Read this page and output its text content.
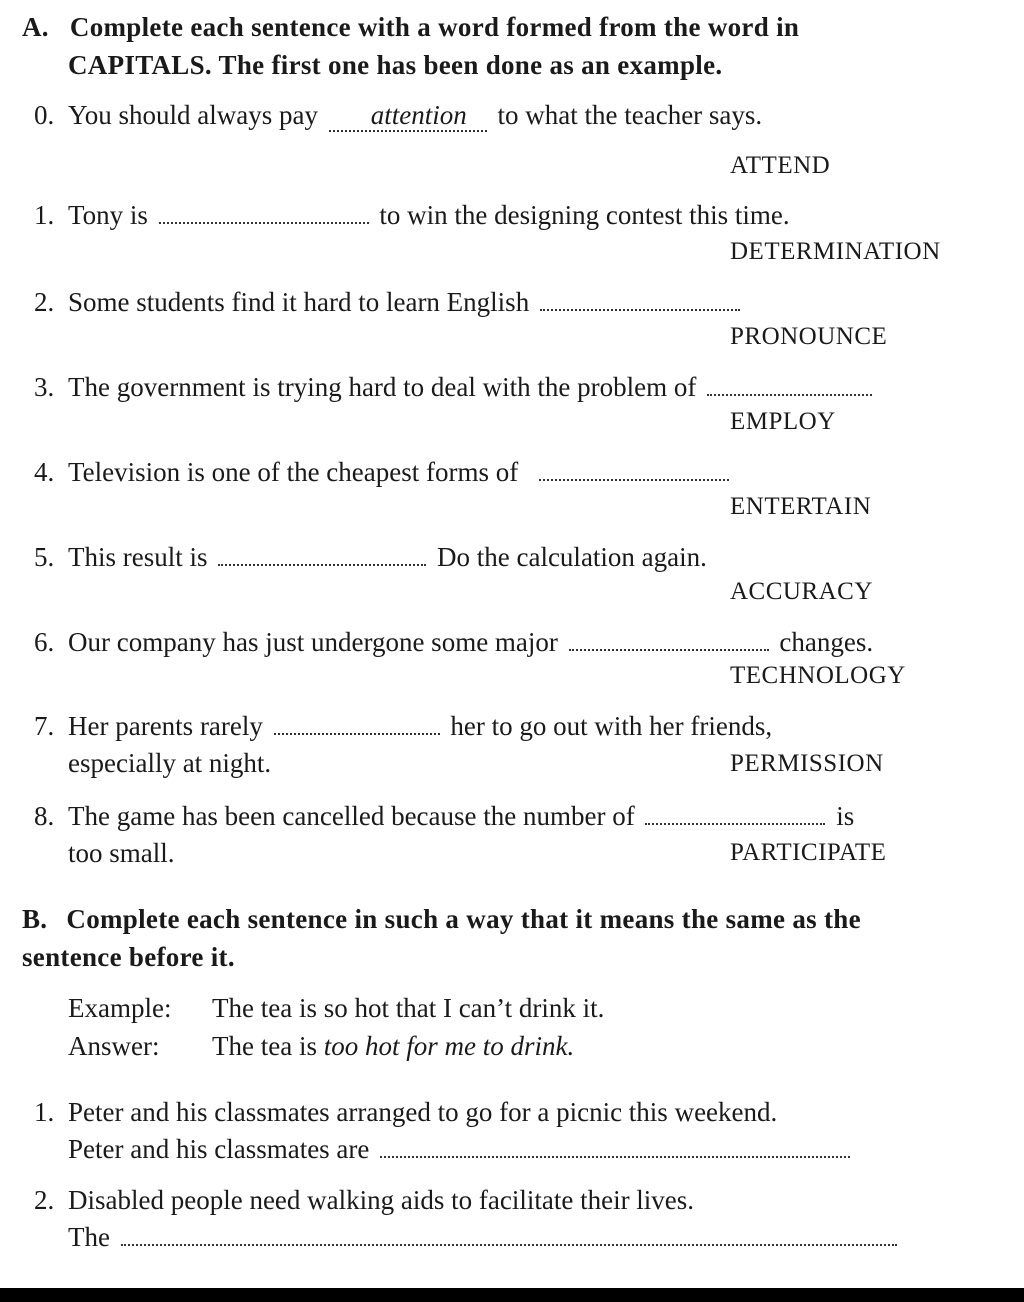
A. Complete each sentence with a word formed from the word in
CAPITALS. The first one has been done as an example.
0. You should always pay attention to what the teacher says.
ATTEND
1. Tony is	to win the designing contest this time.
DETERMINATION
2. Some students find it hard to learn English
PRONOUNCE
3. The government is trying hard to deal with the problem of
EMPLOY
4. Television is one of the cheapest forms of
ENTERTAIN
5. This result is	Do the calculation again.
ACCURACY
6. Our company has just undergone some major	changes.
TECHNOLOGY
7. Her parents rarely	her to go out with her friends,
especially at night.	PERMISSION
8. The game has been cancelled because the number of	is
too small.	PARTICIPATE
B. Complete each sentence in such a way that it means the same as the
sentence before it.
Example: The tea is so hot that I can’t drink it.
Answer: The tea is too hot for me to drink.
1. Peter and his classmates arranged to go for a picnic this weekend.
Peter and his classmates are
2. Disabled people need walking aids to facilitate their lives.
The
